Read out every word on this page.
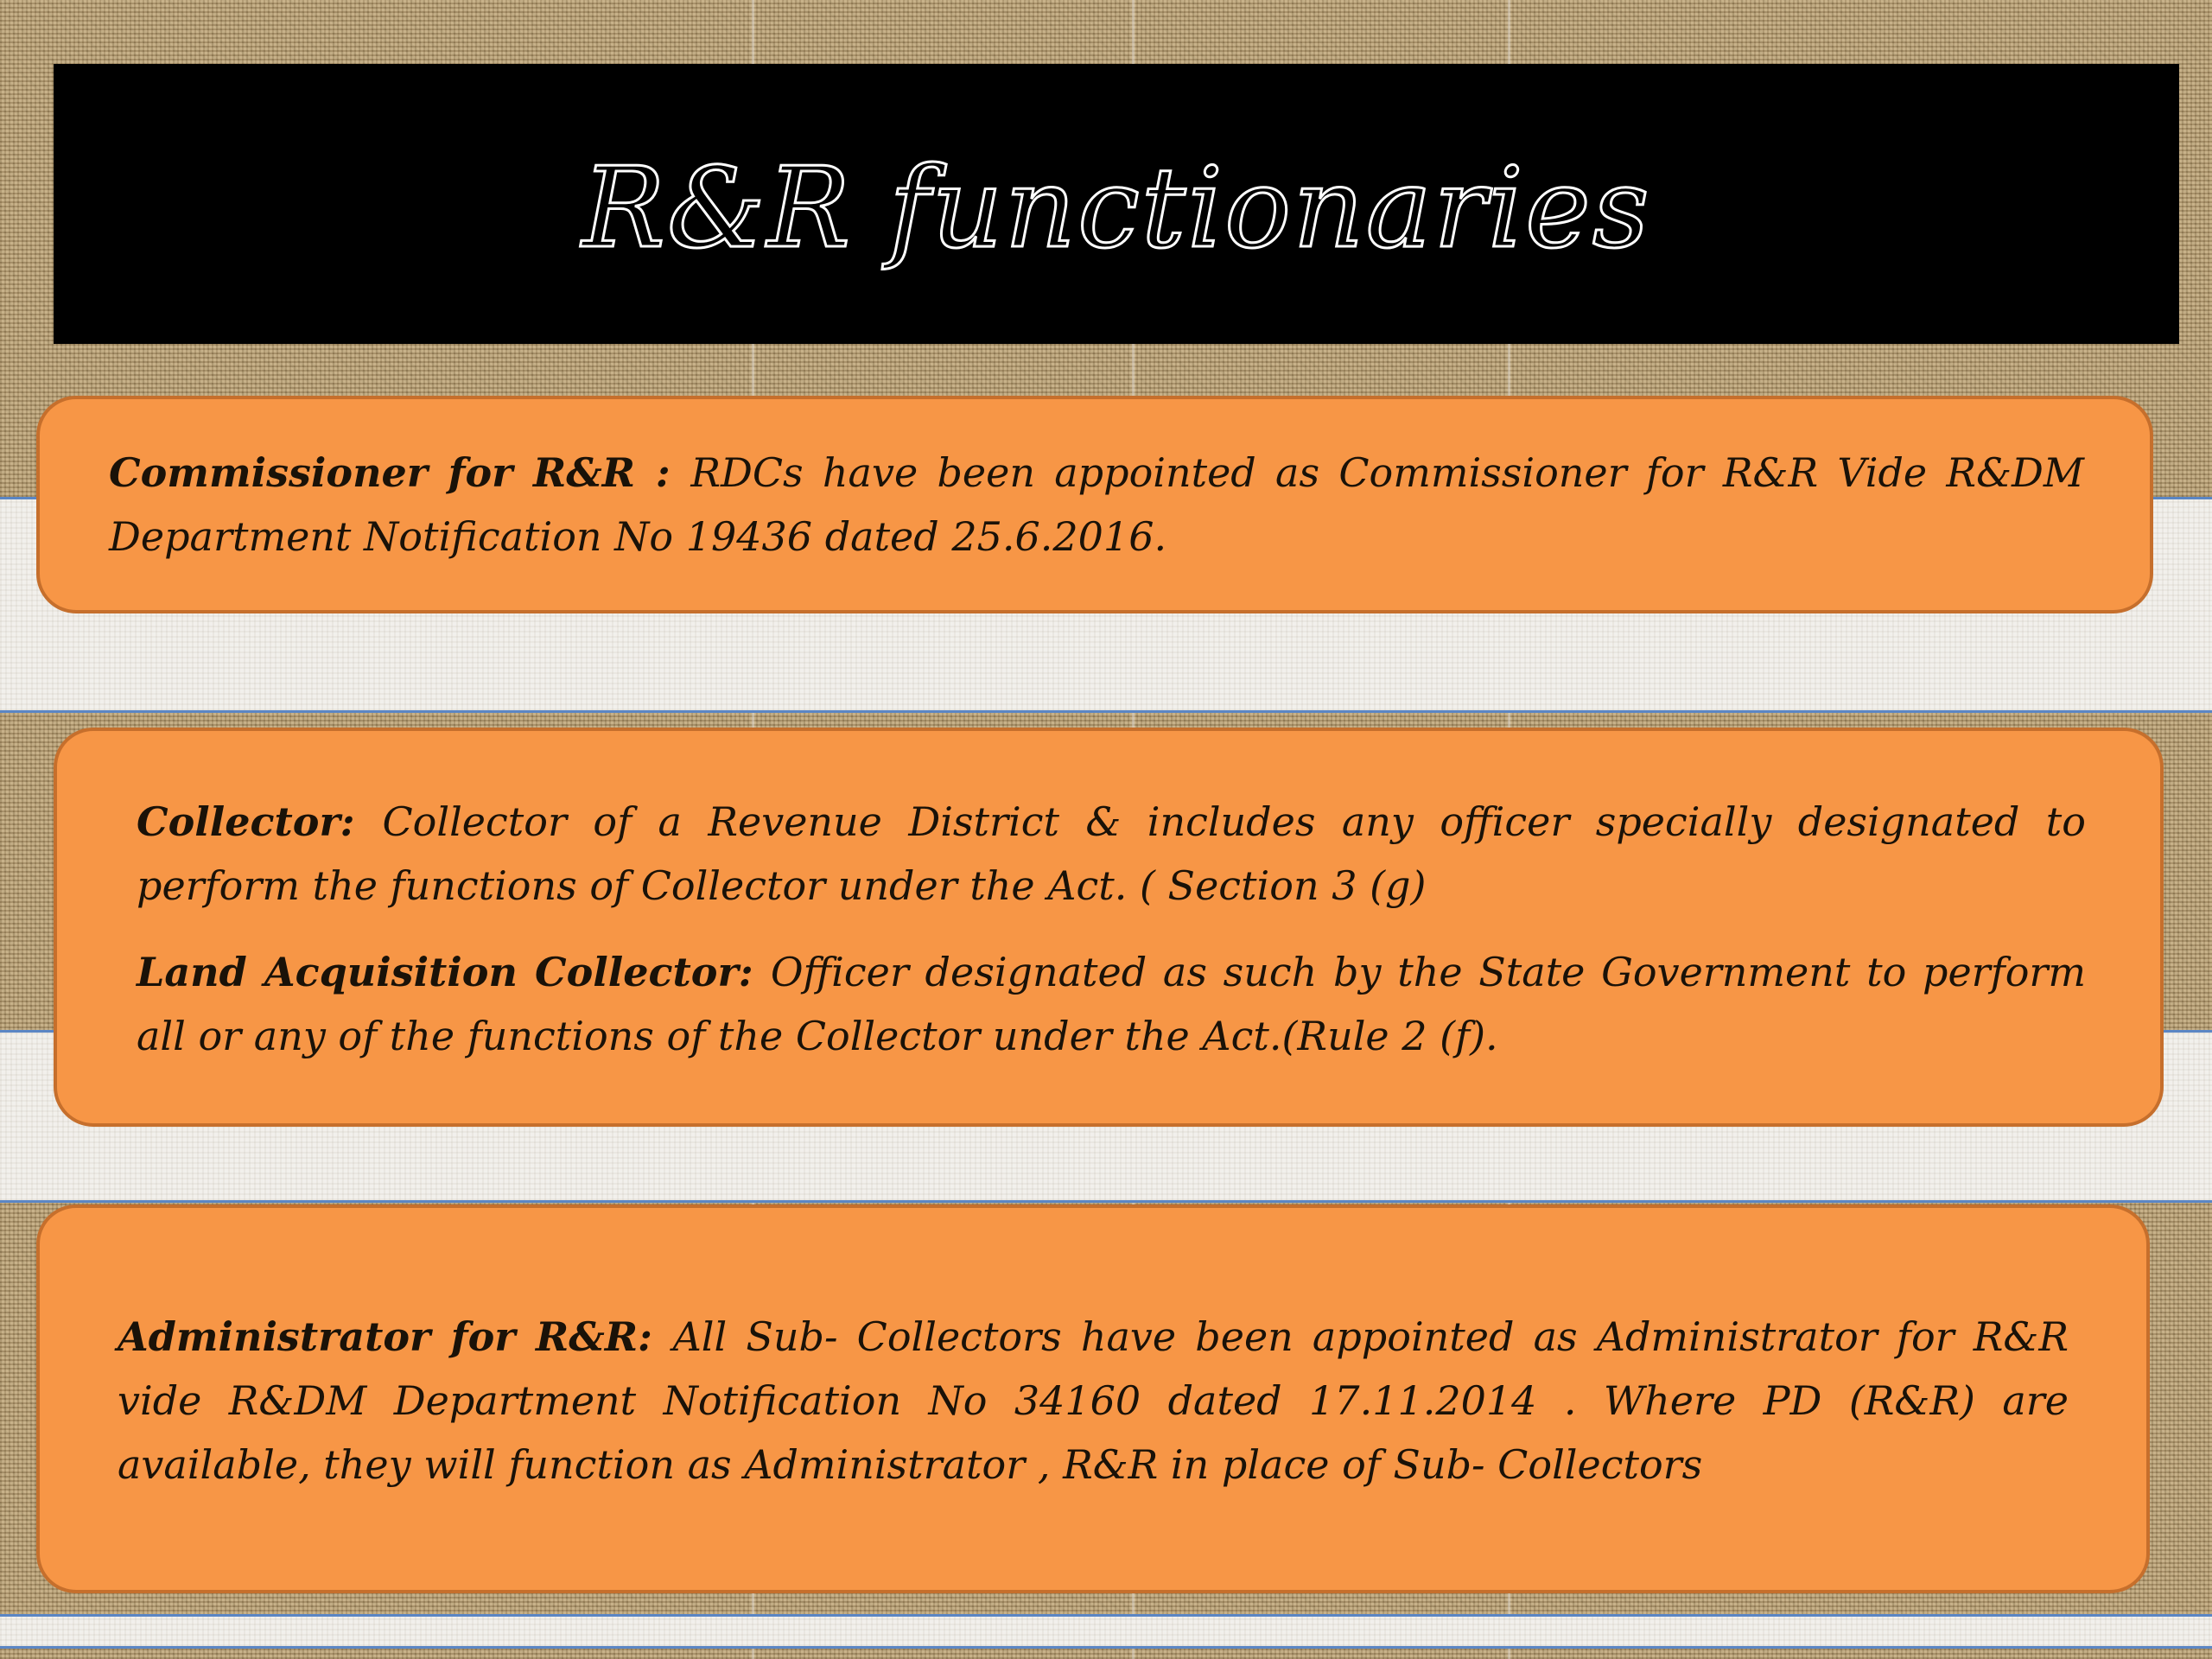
R&R functionaries

Commissioner for R&R : RDCs have been appointed as Commissioner for R&R Vide R&DM Department Notification No 19436 dated 25.6.2016.

Collector: Collector of a Revenue District & includes any officer specially designated to perform the functions of Collector under the Act. ( Section 3 (g)

Land Acquisition Collector: Officer designated as such by the State Government to perform all or any of the functions of the Collector under the Act.(Rule 2 (f).

Administrator for R&R: All Sub- Collectors have been appointed as Administrator for R&R vide R&DM Department Notification No 34160 dated 17.11.2014 . Where PD (R&R) are available, they will function as Administrator , R&R in place of Sub- Collectors
